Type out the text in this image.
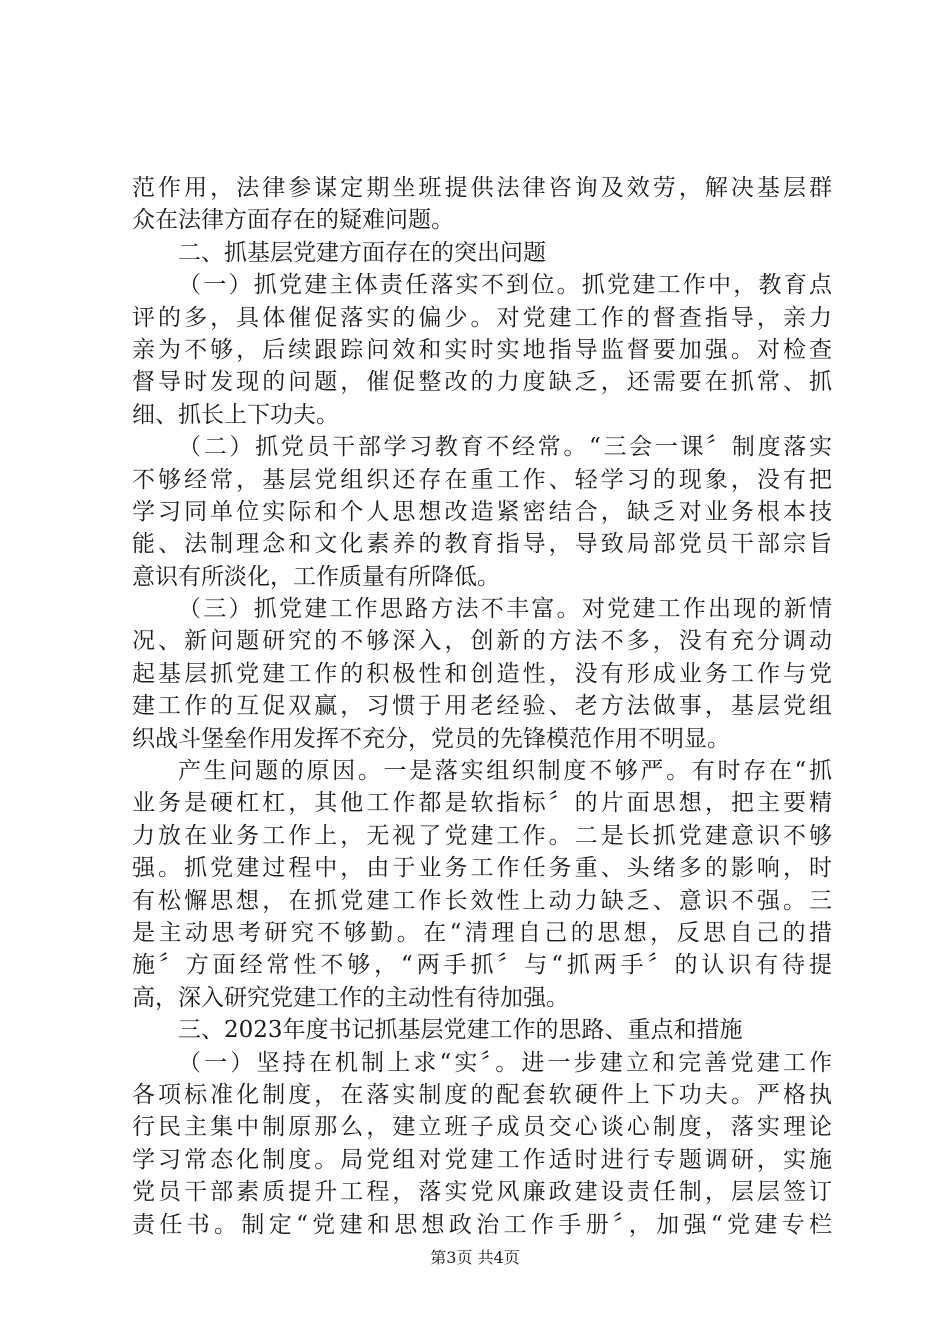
范作用，法律参谋定期坐班提供法律咨询及效劳，解决基层群
众在法律方面存在的疑难问题。
二、抓基层党建方面存在的突出问题
（一）抓党建主体责任落实不到位。抓党建工作中，教育点
评的多，具体催促落实的偏少。对党建工作的督查指导，亲力
亲为不够，后续跟踪问效和实时实地指导监督要加强。对检查
督导时发现的问题，催促整改的力度缺乏，还需要在抓常、抓
细、抓长上下功夫。
（二）抓党员干部学习教育不经常。“三会一课〞制度落实
不够经常，基层党组织还存在重工作、轻学习的现象，没有把
学习同单位实际和个人思想改造紧密结合，缺乏对业务根本技
能、法制理念和文化素养的教育指导，导致局部党员干部宗旨
意识有所淡化，工作质量有所降低。
（三）抓党建工作思路方法不丰富。对党建工作出现的新情
况、新问题研究的不够深入，创新的方法不多，没有充分调动
起基层抓党建工作的积极性和创造性，没有形成业务工作与党
建工作的互促双赢，习惯于用老经验、老方法做事，基层党组
织战斗堡垒作用发挥不充分，党员的先锋模范作用不明显。
产生问题的原因。一是落实组织制度不够严。有时存在“抓
业务是硬杠杠，其他工作都是软指标〞的片面思想，把主要精
力放在业务工作上，无视了党建工作。二是长抓党建意识不够
强。抓党建过程中，由于业务工作任务重、头绪多的影响，时
有松懈思想，在抓党建工作长效性上动力缺乏、意识不强。三
是主动思考研究不够勤。在“清理自己的思想，反思自己的措
施〞方面经常性不够，“两手抓〞与“抓两手〞的认识有待提
高，深入研究党建工作的主动性有待加强。
三、2023年度书记抓基层党建工作的思路、重点和措施
（一）坚持在机制上求“实〞。进一步建立和完善党建工作
各项标准化制度，在落实制度的配套软硬件上下功夫。严格执
行民主集中制原那么，建立班子成员交心谈心制度，落实理论
学习常态化制度。局党组对党建工作适时进行专题调研，实施
党员干部素质提升工程，落实党风廉政建设责任制，层层签订
责任书。制定“党建和思想政治工作手册〞，加强“党建专栏
第3页 共4页
